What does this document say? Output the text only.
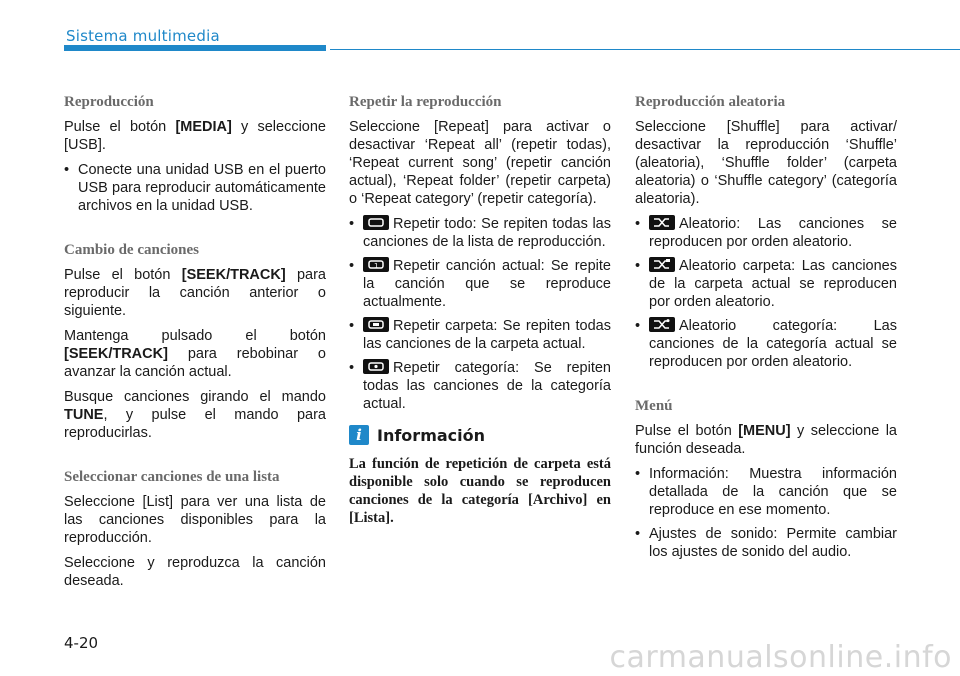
Sistema multimedia
Reproducción

Pulse el botón [MEDIA] y seleccione [USB].

• Conecte una unidad USB en el puerto USB para reproducir automáticamente archivos en la unidad USB.
Cambio de canciones

Pulse el botón [SEEK/TRACK] para reproducir la canción anterior o siguiente.

Mantenga pulsado el botón [SEEK/TRACK] para rebobinar o avanzar la canción actual.

Busque canciones girando el mando TUNE, y pulse el mando para reproducirlas.

Seleccionar canciones de una lista

Seleccione [List] para ver una lista de las canciones disponibles para la reproducción.

Seleccione y reproduzca la canción deseada.

Repetir la reproducción

Seleccione [Repeat] para activar o desactivar ‘Repeat all’ (repetir todas), ‘Repeat current song’ (repetir canción actual), ‘Repeat folder’ (repetir carpeta) o ‘Repeat category’ (repetir categoría).

• Repetir todo: Se repiten todas las canciones de la lista de reproducción.
• 1 Repetir canción actual: Se repite la canción que se reproduce actualmente.
• Repetir carpeta: Se repiten todas las canciones de la carpeta actual.
• Repetir categoría: Se repiten todas las canciones de la categoría actual.
i Información

La función de repetición de carpeta está disponible solo cuando se reproducen canciones de la categoría [Archivo] en [Lista].

Reproducción aleatoria

Seleccione [Shuffle] para activar/ desactivar la reproducción ‘Shuffle’ (aleatoria), ‘Shuffle folder’ (carpeta aleatoria) o ‘Shuffle category’ (categoría aleatoria).

• Aleatorio: Las canciones se reproducen por orden aleatorio.
• Aleatorio carpeta: Las canciones de la carpeta actual se reproducen por orden aleatorio.
• Aleatorio categoría: Las canciones de la categoría actual se reproducen por orden aleatorio.
Menú

Pulse el botón [MENU] y seleccione la función deseada.

• Información: Muestra información detallada de la canción que se reproduce en ese momento.
• Ajustes de sonido: Permite cambiar los ajustes de sonido del audio.
4-20	carmanualsonline.info
